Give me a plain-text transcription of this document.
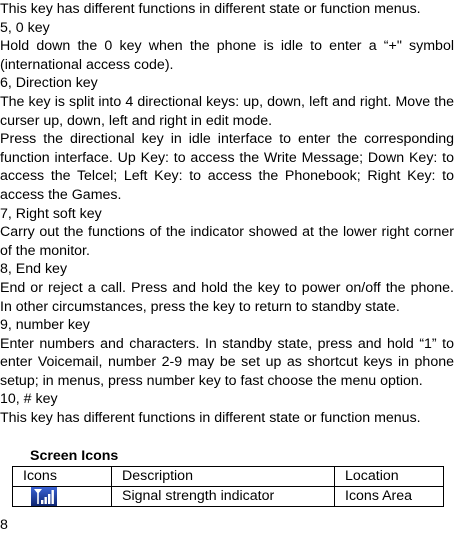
This key has different functions in different state or function menus.

5, 0 key

Hold down the 0 key when the phone is idle to enter a “+" symbol (international access code).

6, Direction key

The key is split into 4 directional keys: up, down, left and right. Move the curser up, down, left and right in edit mode.

Press the directional key in idle interface to enter the corresponding function interface. Up Key: to access the Write Message; Down Key: to access the Telcel; Left Key: to access the Phonebook; Right Key: to access the Games.

7, Right soft key

Carry out the functions of the indicator showed at the lower right corner of the monitor.

8, End key

End or reject a call. Press and hold the key to power on/off the phone. In other circumstances, press the key to return to standby state.

9, number key

Enter numbers and characters. In standby state, press and hold “1” to enter Voicemail, number 2-9 may be set up as shortcut keys in phone setup; in menus, press number key to fast choose the menu option.

10, # key

This key has different functions in different state or function menus.

Screen Icons

Icons	Description	Location
	Signal strength indicator	Icons Area
8
